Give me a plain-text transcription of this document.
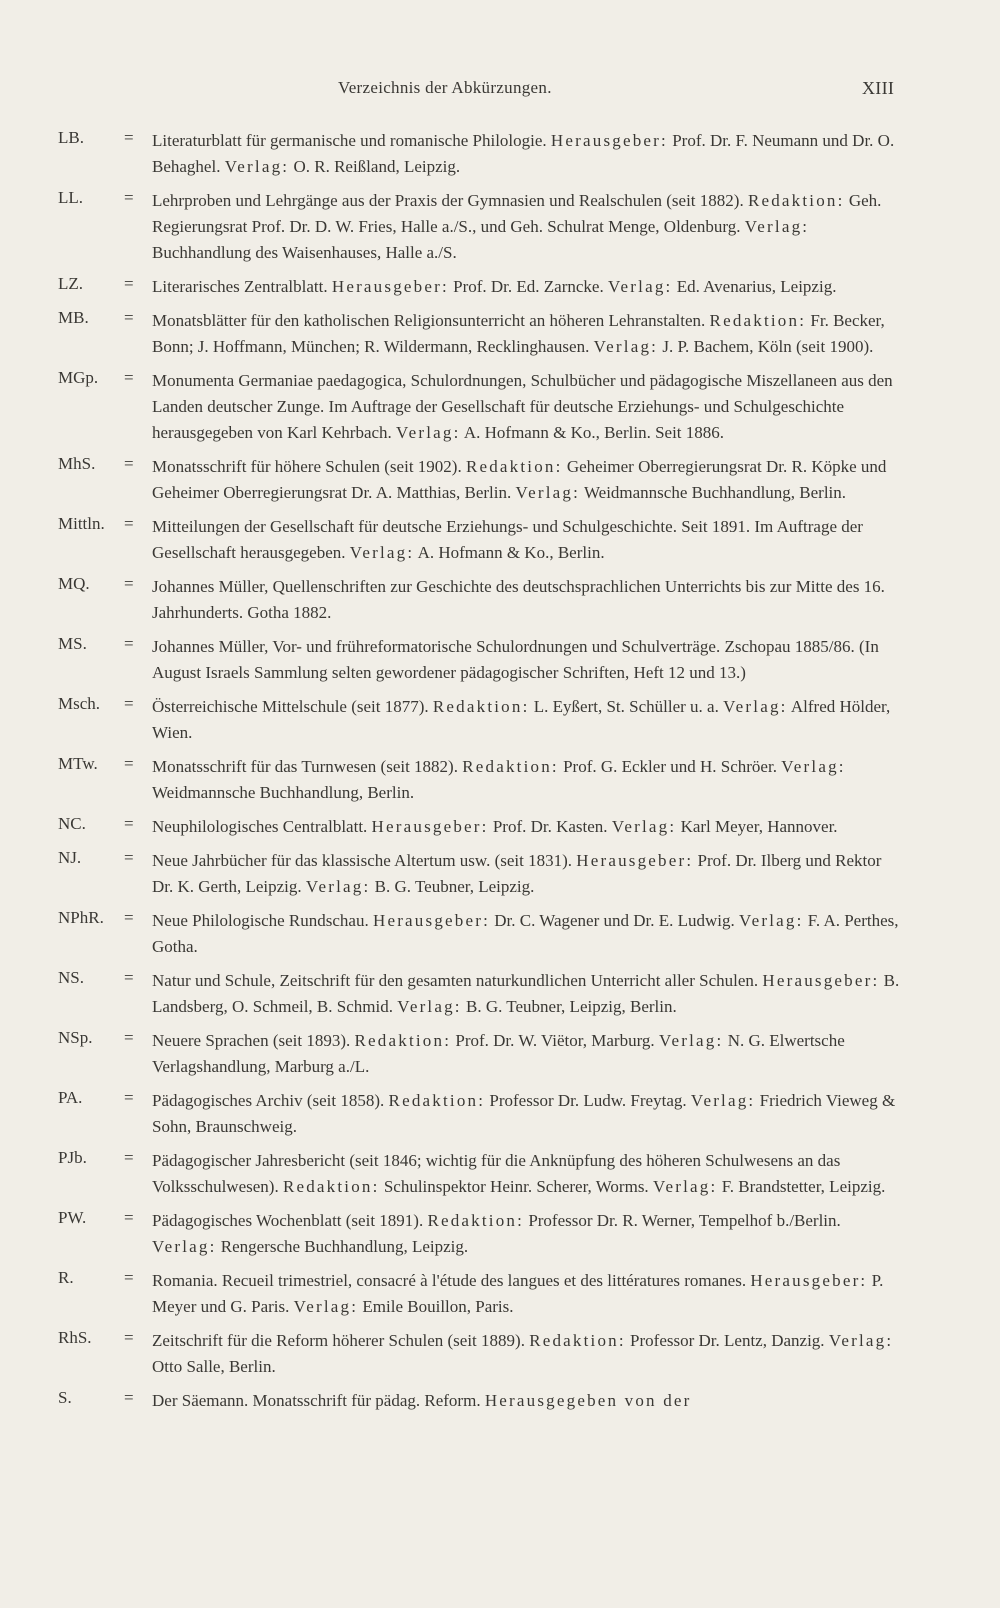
Verzeichnis der Abkürzungen.	XIII
LB. = Literaturblatt für germanische und romanische Philologie. Herausgeber: Prof. Dr. F. Neumann und Dr. O. Behaghel. Verlag: O. R. Reißland, Leipzig.
LL. = Lehrproben und Lehrgänge aus der Praxis der Gymnasien und Realschulen (seit 1882). Redaktion: Geh. Regierungsrat Prof. Dr. D. W. Fries, Halle a./S., und Geh. Schulrat Menge, Oldenburg. Verlag: Buchhandlung des Waisenhauses, Halle a./S.
LZ. = Literarisches Zentralblatt. Herausgeber: Prof. Dr. Ed. Zarncke. Verlag: Ed. Avenarius, Leipzig.
MB. = Monatsblätter für den katholischen Religionsunterricht an höheren Lehranstalten. Redaktion: Fr. Becker, Bonn; J. Hoffmann, München; R. Wildermann, Recklinghausen. Verlag: J. P. Bachem, Köln (seit 1900).
MGp. = Monumenta Germaniae paedagogica, Schulordnungen, Schulbücher und pädagogische Miszellaneen aus den Landen deutscher Zunge. Im Auftrage der Gesellschaft für deutsche Erziehungs- und Schulgeschichte herausgegeben von Karl Kehrbach. Verlag: A. Hofmann & Ko., Berlin. Seit 1886.
MhS. = Monatsschrift für höhere Schulen (seit 1902). Redaktion: Geheimer Oberregierungsrat Dr. R. Köpke und Geheimer Oberregierungsrat Dr. A. Matthias, Berlin. Verlag: Weidmannsche Buchhandlung, Berlin.
Mittln. = Mitteilungen der Gesellschaft für deutsche Erziehungs- und Schulgeschichte. Seit 1891. Im Auftrage der Gesellschaft herausgegeben. Verlag: A. Hofmann & Ko., Berlin.
MQ. = Johannes Müller, Quellenschriften zur Geschichte des deutschsprachlichen Unterrichts bis zur Mitte des 16. Jahrhunderts. Gotha 1882.
MS. = Johannes Müller, Vor- und frühreformatorische Schulordnungen und Schulverträge. Zschopau 1885/86. (In August Israels Sammlung selten gewordener pädagogischer Schriften, Heft 12 und 13.)
Msch. = Österreichische Mittelschule (seit 1877). Redaktion: L. Eyßert, St. Schüller u. a. Verlag: Alfred Hölder, Wien.
MTw. = Monatsschrift für das Turnwesen (seit 1882). Redaktion: Prof. G. Eckler und H. Schröer. Verlag: Weidmannsche Buchhandlung, Berlin.
NC. = Neuphilologisches Centralblatt. Herausgeber: Prof. Dr. Kasten. Verlag: Karl Meyer, Hannover.
NJ.	= Neue Jahrbücher für das klassische Altertum usw. (seit 1831). Herausgeber: Prof. Dr. Ilberg und Rektor Dr. K. Gerth, Leipzig. Verlag: B. G. Teubner, Leipzig.
NPhR. = Neue Philologische Rundschau. Herausgeber: Dr. C. Wagener und Dr. E. Ludwig. Verlag: F. A. Perthes, Gotha.
NS. = Natur und Schule, Zeitschrift für den gesamten naturkundlichen Unterricht aller Schulen. Herausgeber: B. Landsberg, O. Schmeil, B. Schmid. Verlag: B. G. Teubner, Leipzig, Berlin.
NSp. = Neuere Sprachen (seit 1893). Redaktion: Prof. Dr. W. Viëtor, Marburg. Verlag: N. G. Elwertsche Verlagshandlung, Marburg a./L.
PA. = Pädagogisches Archiv (seit 1858). Redaktion: Professor Dr. Ludw. Freytag. Verlag: Friedrich Vieweg & Sohn, Braunschweig.
PJb. = Pädagogischer Jahresbericht (seit 1846; wichtig für die Anknüpfung des höheren Schulwesens an das Volksschulwesen). Redaktion: Schulinspektor Heinr. Scherer, Worms. Verlag: F. Brandstetter, Leipzig.
PW. = Pädagogisches Wochenblatt (seit 1891). Redaktion: Professor Dr. R. Werner, Tempelhof b./Berlin. Verlag: Rengersche Buchhandlung, Leipzig.
R.	= Romania. Recueil trimestriel, consacré à l'étude des langues et des littératures romanes. Herausgeber: P. Meyer und G. Paris. Verlag: Emile Bouillon, Paris.
RhS. = Zeitschrift für die Reform höherer Schulen (seit 1889). Redaktion: Professor Dr. Lentz, Danzig. Verlag: Otto Salle, Berlin.
S.	= Der Säemann. Monatsschrift für pädag. Reform. Herausgegeben von der
